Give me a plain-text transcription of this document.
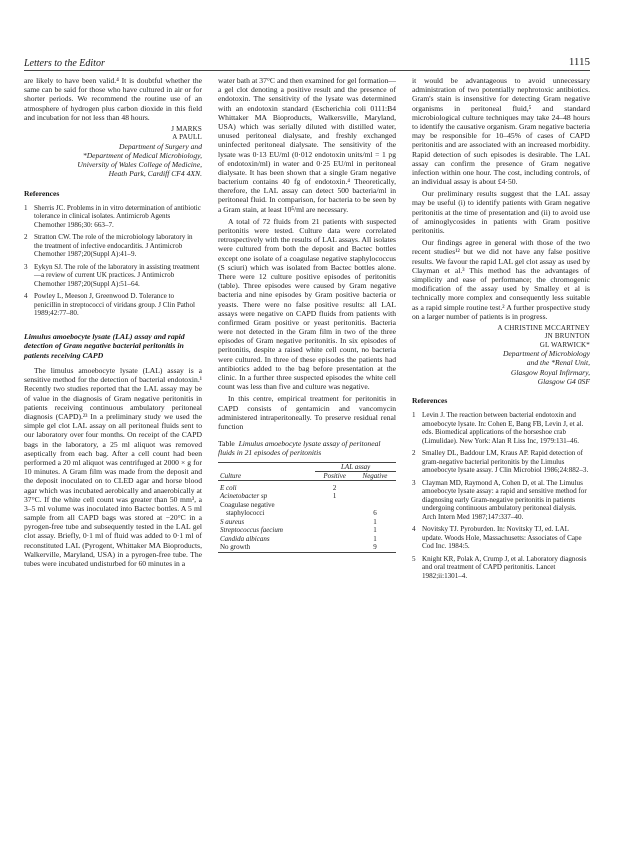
Letters to the Editor	1115

are likely to have been valid.⁴ It is doubtful whether the same can be said for those who have cultured in air or for shorter periods. We recommend the routine use of an atmosphere of hydrogen plus carbon dioxide in this field and incubation for not less than 48 hours.

J MARKS

A PAULL

Department of Surgery and

*Department of Medical Microbiology,

University of Wales College of Medicine,

Heath Park, Cardiff CF4 4XN.

References
1 Sherris JC. Problems in in vitro determination of antibiotic tolerance in clinical isolates. Antimicrob Agents Chemother 1986;30: 663–7.
2 Stratton CW. The role of the microbiology laboratory in the treatment of infective endocarditis. J Antimicrob Chemother 1987;20(Suppl A):41–9.
3 Eykyn SJ. The role of the laboratory in assisting treatment—a review of current UK practices. J Antimicrob Chemother 1987;20(Suppl A):51–64.
4 Powley L, Meeson J, Greenwood D. Tolerance to penicillin in streptococci of viridans group. J Clin Pathol 1989;42:77–80.
Limulus amoebocyte lysate (LAL) assay and rapid detection of Gram negative bacterial peritonitis in patients receiving CAPD

The limulus amoebocyte lysate (LAL) assay is a sensitive method for the detection of bacterial endotoxin.¹ Recently two studies reported that the LAL assay may be of value in the diagnosis of Gram negative peritonitis in patients receiving continuous ambulatory peritoneal diagnosis (CAPD).²³ In a preliminary study we used the simple gel clot LAL assay on all peritoneal fluids sent to our laboratory over four months. On receipt of the CAPD bags in the laboratory, a 25 ml aliquot was removed aseptically from each bag. After a cell count had been performed a 20 ml aliquot was centrifuged at 2000 × g for 10 minutes. A Gram film was made from the deposit and the deposit inoculated on to CLED agar and horse blood agar which was incubated aerobically and anaerobically at 37°C. If the white cell count was greater than 50 mm³, a 3–5 ml volume was inoculated into Bactec bottles. A 5 ml sample from all CAPD bags was stored at −20°C in a pyrogen-free tube and subsequently tested in the LAL gel clot assay. Briefly, 0·1 ml of fluid was added to 0·1 ml of reconstituted LAL (Pyrogent, Whittaker MA Bioproducts, Walkerville, Maryland, USA) in a pyrogen-free tube. The tubes were incubated undisturbed for 60 minutes in a

water bath at 37°C and then examined for gel formation—a gel clot denoting a positive result and the presence of endotoxin. The sensitivity of the lysate was determined with an endotoxin standard (Escherichia coli 0111:B4 Whittaker MA Bioproducts, Walkersville, Maryland, USA) which was serially diluted with distilled water, unused peritoneal dialysate, and freshly exchanged uninfected peritoneal dialysate. The sensitivity of the lysate was 0·13 EU/ml (0·012 endotoxin units/ml = 1 pg of endotoxin/ml) in water and 0·25 EU/ml in peritoneal dialysate. It has been shown that a single Gram negative bacterium contains 40 fg of endotoxin.⁴ Theoretically, therefore, the LAL assay can detect 500 bacteria/ml in peritoneal fluid. In comparison, for bacteria to be seen by a Gram stain, at least 10⁵/ml are necessary.

A total of 72 fluids from 21 patients with suspected peritonitis were tested. Culture data were correlated retrospectively with the results of LAL assays. All isolates were cultured from both the deposit and Bactec bottles except one isolate of a coagulase negative staphylococcus (S sciuri) which was isolated from Bactec bottles alone. There were 12 culture positive episodes of peritonitis (table). Three episodes were caused by Gram negative bacteria and nine episodes by Gram positive bacteria or yeasts. There were no false positive results: all LAL assays were negative on CAPD fluids from patients with confirmed Gram positive or yeast peritonitis. Bacteria were not detected in the Gram film in two of the three episodes of Gram negative peritonitis. In six episodes of peritonitis, despite a raised white cell count, no bacteria were cultured. In three of these episodes the patients had antibiotics added to the bag before presentation at the clinic. In a further three suspected episodes the white cell count was less than five and culture was negative.

In this centre, empirical treatment for peritonitis in CAPD consists of gentamicin and vancomycin administered intraperitoneally. To preserve residual renal function

Table Limulus amoebocyte lysate assay of peritoneal fluids in 21 episodes of peritonitis
	LAL assay	
Culture	Positive	Negative

E coli	2	
Acinetobacter sp	1	
Coagulase negative		
staphylococci		6
S aureus		1
Streptococcus faecium		1
Candida albicans		1
No growth		9

it would be advantageous to avoid unnecessary administration of two potentially nephrotoxic antibiotics. Gram's stain is insensitive for detecting Gram negative organisms in peritoneal fluid,⁵ and standard microbiological culture techniques may take 24–48 hours to identify the causative organism. Gram negative bacteria may be responsible for 10–45% of cases of CAPD peritonitis and are associated with an increased morbidity. Rapid detection of such episodes is desirable. The LAL assay can confirm the presence of Gram negative infection within one hour. The cost, including controls, of an individual assay is about £4·50.

Our preliminary results suggest that the LAL assay may be useful (i) to identify patients with Gram negative peritonitis at the time of presentation and (ii) to avoid use of aminoglycosides in patients with Gram positive peritonitis.

Our findings agree in general with those of the two recent studies¹² but we did not have any false positive results. We favour the rapid LAL gel clot assay as used by Clayman et al.³ This method has the advantages of simplicity and ease of performance; the chromogenic modification of the assay used by Smalley et al is technically more complex and consequently less suitable as a rapid simple routine test.² A further prospective study on a larger number of patients is in progress.

A CHRISTINE MCCARTNEY

JN BRUNTON

GL WARWICK*

Department of Microbiology

and the *Renal Unit,

Glasgow Royal Infirmary,

Glasgow G4 0SF

References
1 Levin J. The reaction between bacterial endotoxin and amoebocyte lysate. In: Cohen E, Bang FB, Levin J, et al. eds. Biomedical applications of the horseshoe crab (Limulidae). New York: Alan R Liss Inc, 1979:131–46.
2 Smalley DL, Baddour LM, Kraus AP. Rapid detection of gram-negative bacterial peritonitis by the Limulus amoebocyte lysate assay. J Clin Microbiol 1986;24:882–3.
3 Clayman MD, Raymond A, Cohen D, et al. The Limulus amoebocyte lysate assay: a rapid and sensitive method for diagnosing early Gram-negative peritonitis in patients undergoing continuous ambulatory peritoneal dialysis. Arch Intern Med 1987;147:337–40.
4 Novitsky TJ. Pyroburden. In: Novitsky TJ, ed. LAL update. Woods Hole, Massachusetts: Associates of Cape Cod Inc. 1984:5.
5 Knight KR, Polak A, Crump J, et al. Laboratory diagnosis and oral treatment of CAPD peritonitis. Lancet 1982;ii:1301–4.
